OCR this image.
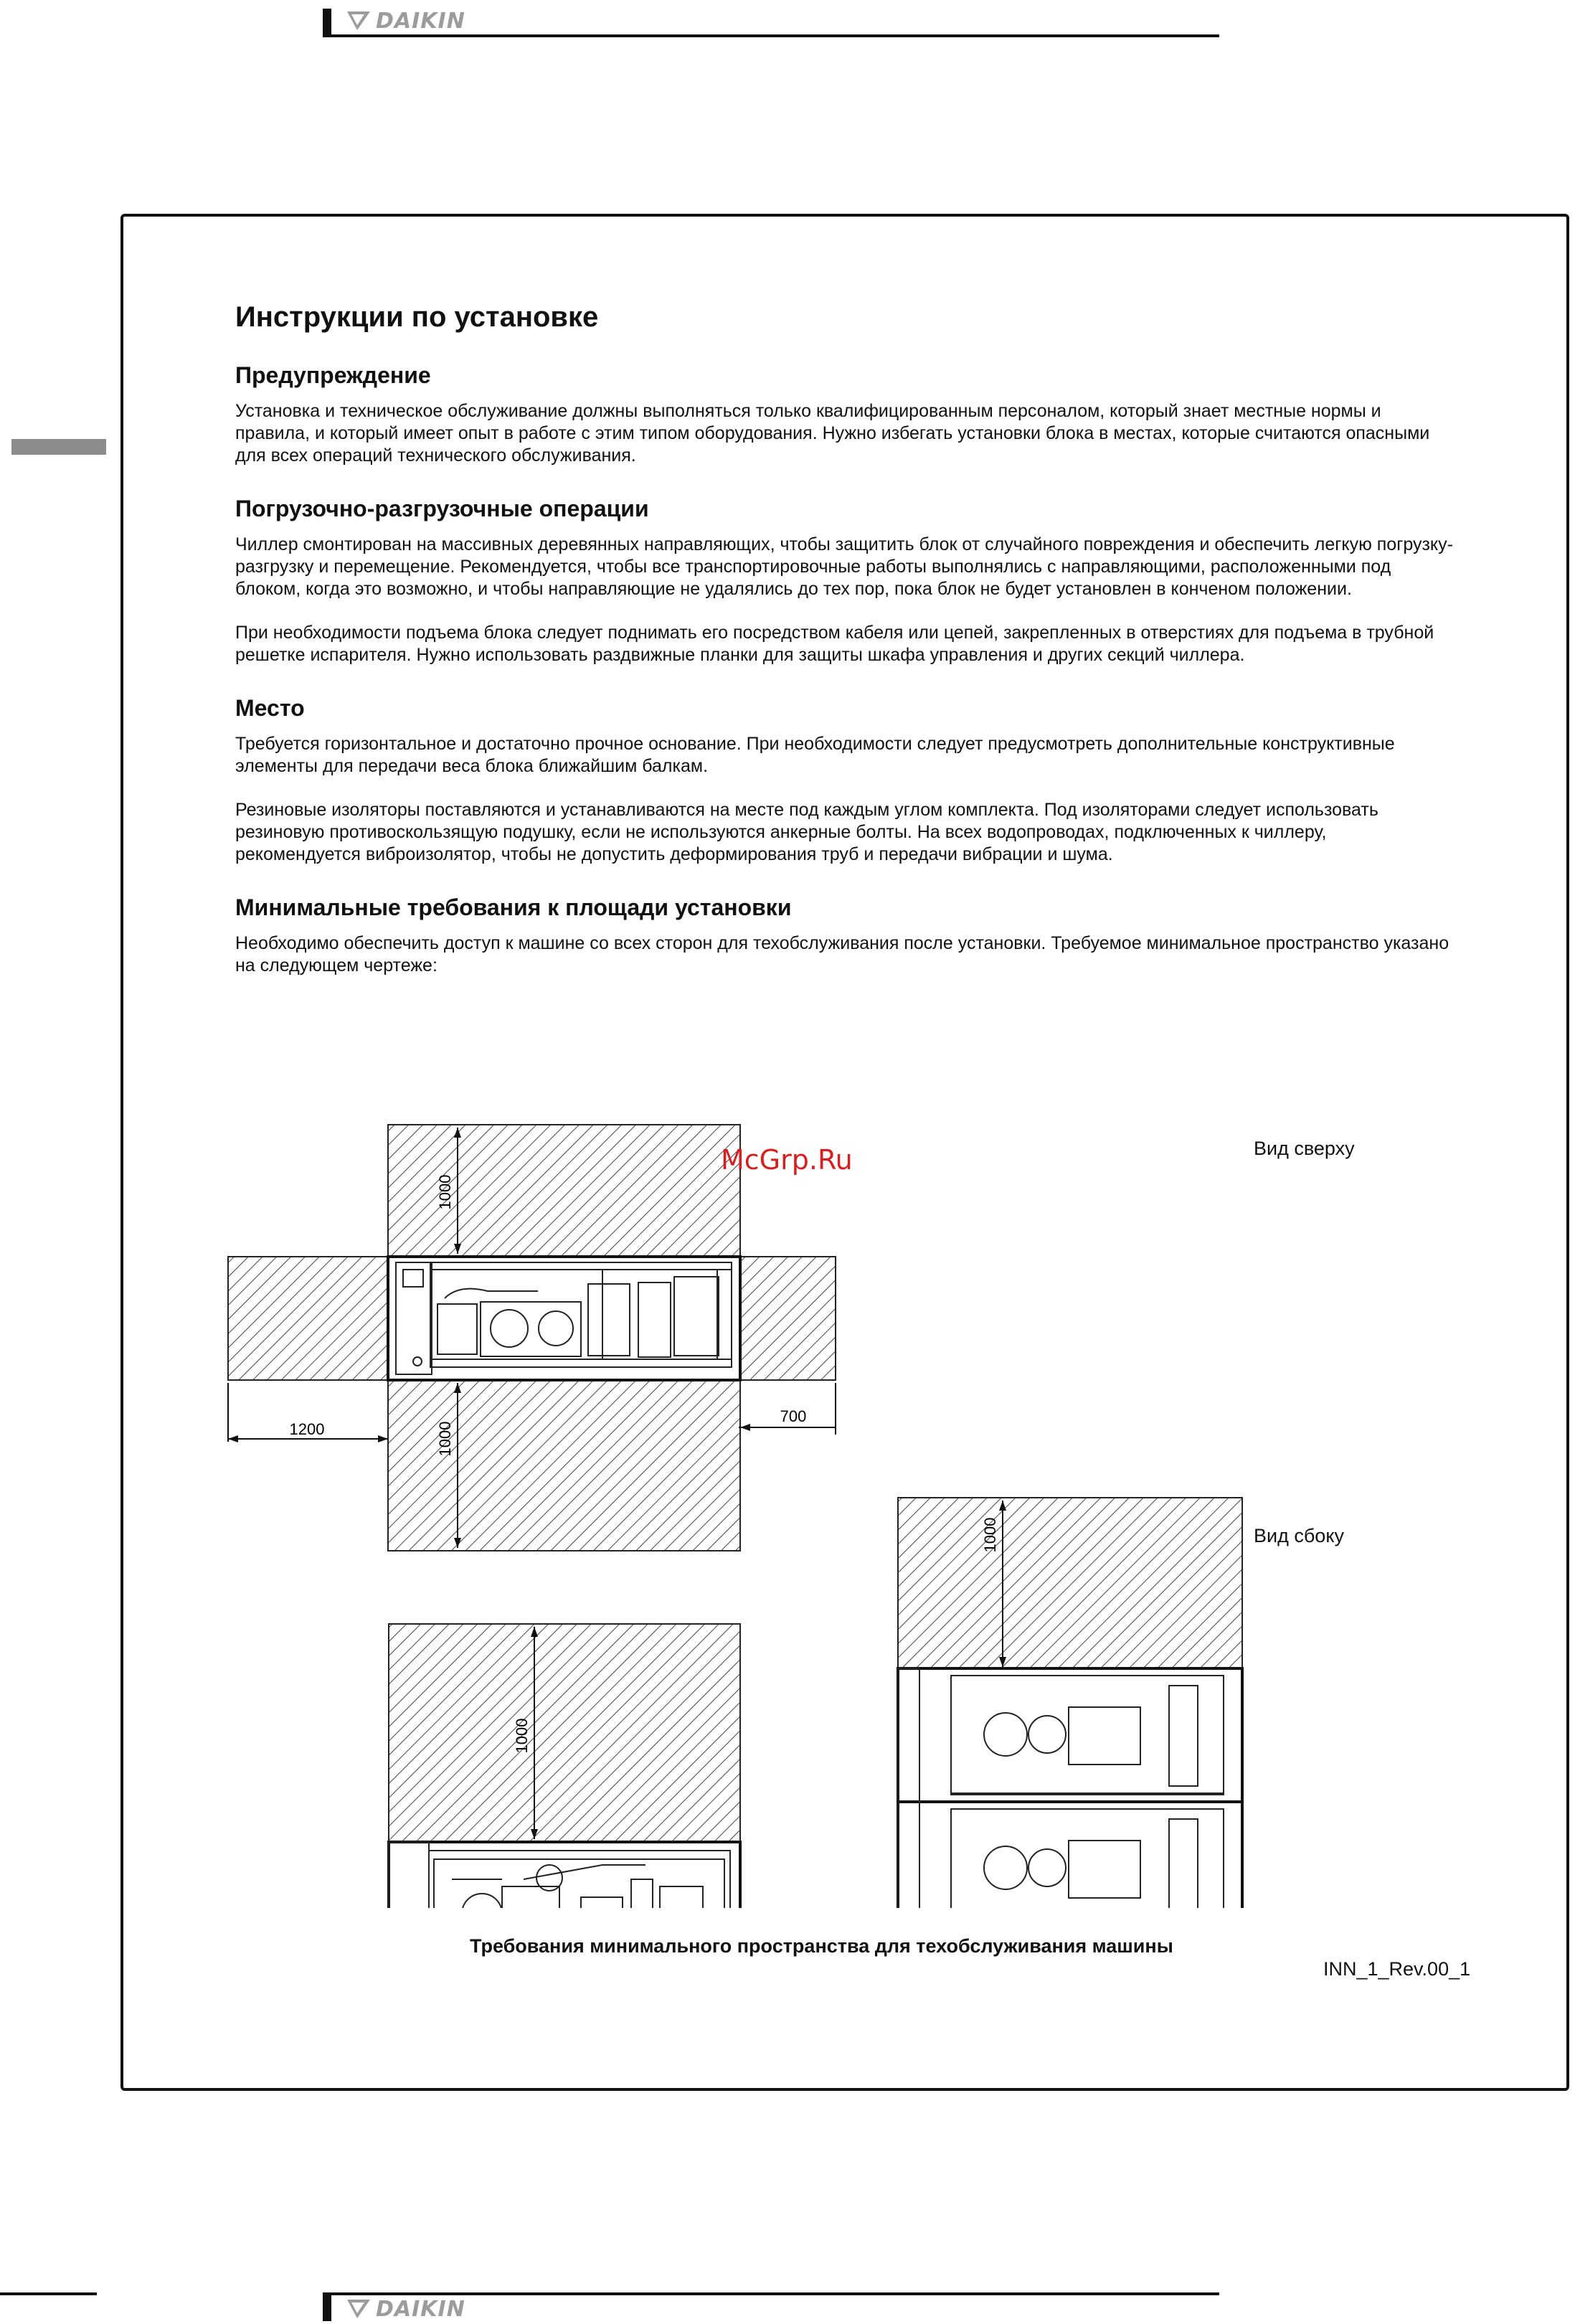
DAIKIN
Инструкции по установке
Предупреждение

Установка и техническое обслуживание должны выполняться только квалифицированным персоналом, который знает местные нормы и правила, и который имеет опыт в работе с этим типом оборудования. Нужно избегать установки блока в местах, которые считаются опасными для всех операций технического обслуживания.

Погрузочно-разгрузочные операции

Чиллер смонтирован на массивных деревянных направляющих, чтобы защитить блок от случайного повреждения и обеспечить легкую погрузку-разгрузку и перемещение. Рекомендуется, чтобы все транспортировочные работы выполнялись с направляющими, расположенными под блоком, когда это возможно, и чтобы направляющие не удалялись до тех пор, пока блок не будет установлен в конченом положении.

При необходимости подъема блока следует поднимать его посредством кабеля или цепей, закрепленных в отверстиях для подъема в трубной решетке испарителя. Нужно использовать раздвижные планки для защиты шкафа управления и других секций чиллера.

Место

Требуется горизонтальное и достаточно прочное основание. При необходимости следует предусмотреть дополнительные конструктивные элементы для передачи веса блока ближайшим балкам.

Резиновые изоляторы поставляются и устанавливаются на месте под каждым углом комплекта. Под изоляторами следует использовать резиновую противоскользящую подушку, если не используются анкерные болты. На всех водопроводах, подключенных к чиллеру, рекомендуется виброизолятор, чтобы не допустить деформирования труб и передачи вибрации и шума.

Минимальные требования к площади установки

Необходимо обеспечить доступ к машине со всех сторон для техобслуживания после установки. Требуемое минимальное пространство указано на следующем чертеже:

1000
1000
1200
700
1000
1000
Вид сверху
Вид сбоку
McGrp.Ru
Требования минимального пространства для техобслуживания машины
INN_1_Rev.00_1
DAIKIN
